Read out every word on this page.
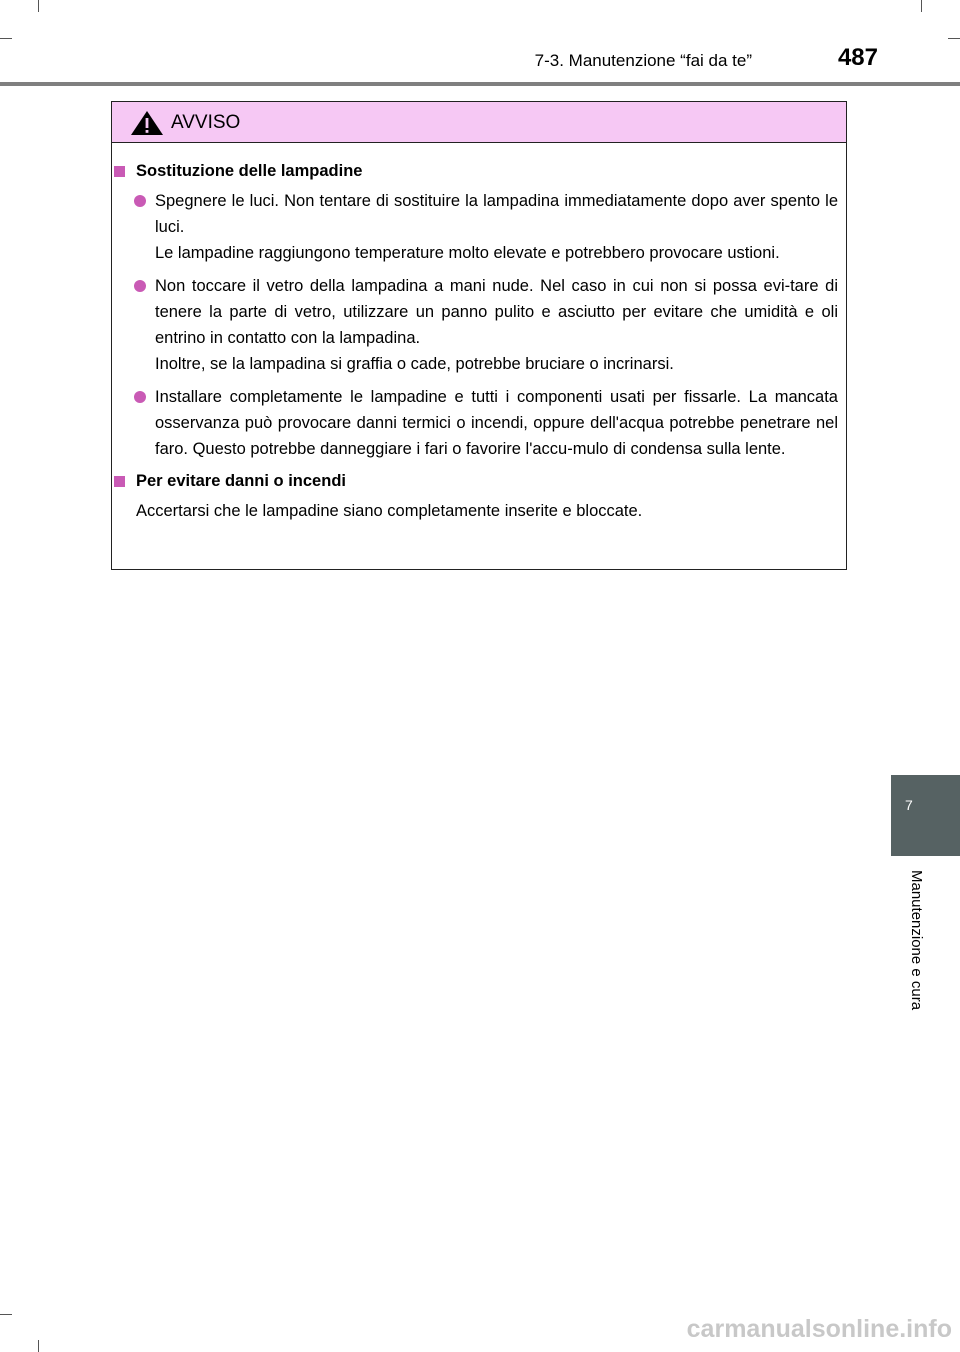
7-3. Manutenzione “fai da te”	487
AVVISO
Sostituzione delle lampadine
Spegnere le luci. Non tentare di sostituire la lampadina immediatamente dopo aver spento le luci.
Le lampadine raggiungono temperature molto elevate e potrebbero provocare ustioni.
Non toccare il vetro della lampadina a mani nude. Nel caso in cui non si possa evi-tare di tenere la parte di vetro, utilizzare un panno pulito e asciutto per evitare che umidità e oli entrino in contatto con la lampadina.
Inoltre, se la lampadina si graffia o cade, potrebbe bruciare o incrinarsi.
Installare completamente le lampadine e tutti i componenti usati per fissarle. La mancata osservanza può provocare danni termici o incendi, oppure dell'acqua potrebbe penetrare nel faro. Questo potrebbe danneggiare i fari o favorire l'accu-mulo di condensa sulla lente.
Per evitare danni o incendi
Accertarsi che le lampadine siano completamente inserite e bloccate.
7
Manutenzione e cura
carmanualsonline.info
